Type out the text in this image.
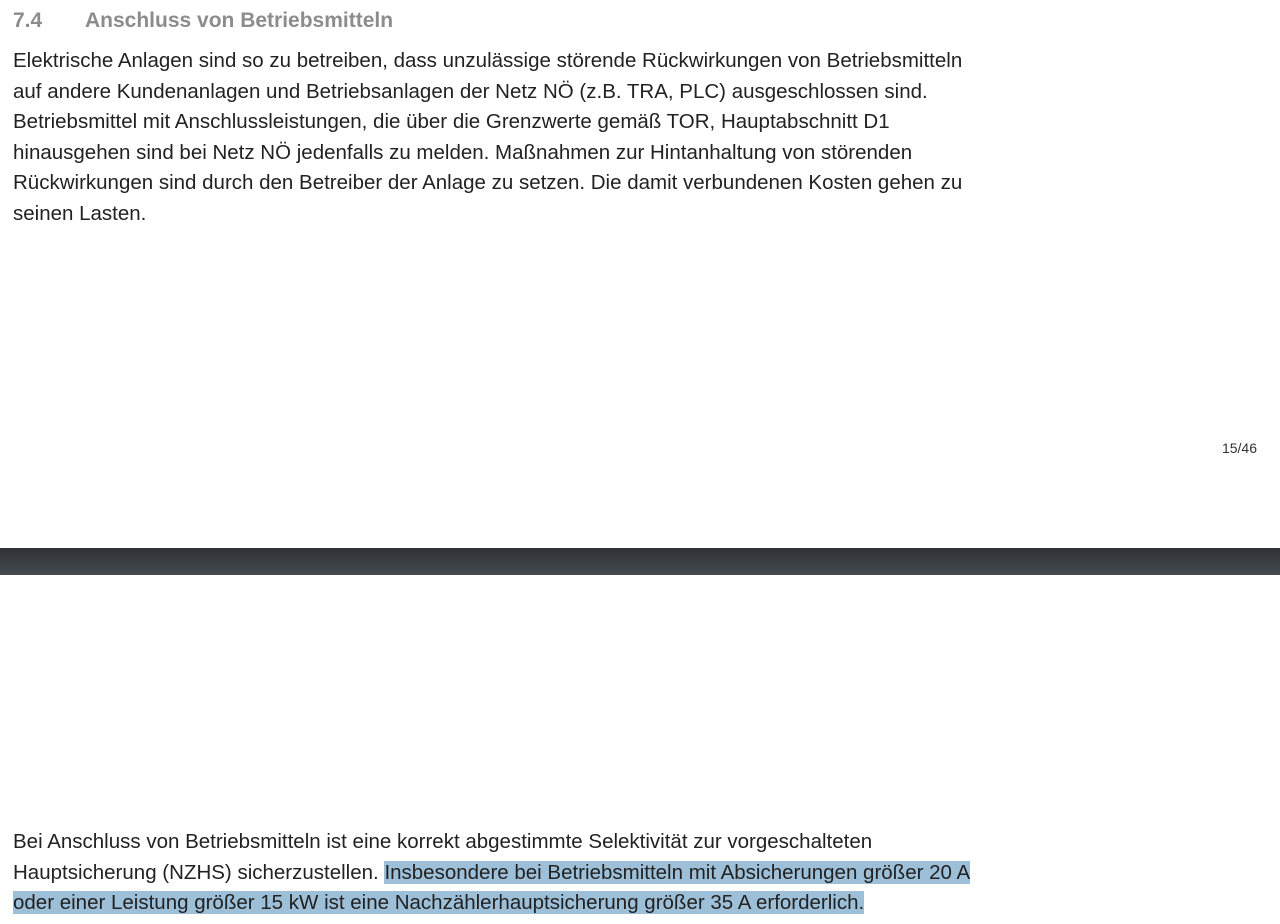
7.4 Anschluss von Betriebsmitteln
Elektrische Anlagen sind so zu betreiben, dass unzulässige störende Rückwirkungen von Betriebsmitteln
auf andere Kundenanlagen und Betriebsanlagen der Netz NÖ (z.B. TRA, PLC) ausgeschlossen sind.
Betriebsmittel mit Anschlussleistungen, die über die Grenzwerte gemäß TOR, Hauptabschnitt D1
hinausgehen sind bei Netz NÖ jedenfalls zu melden. Maßnahmen zur Hintanhaltung von störenden
Rückwirkungen sind durch den Betreiber der Anlage zu setzen. Die damit verbundenen Kosten gehen zu
seinen Lasten.
15/46
Bei Anschluss von Betriebsmitteln ist eine korrekt abgestimmte Selektivität zur vorgeschalteten
Hauptsicherung (NZHS) sicherzustellen. Insbesondere bei Betriebsmitteln mit Absicherungen größer 20 A
oder einer Leistung größer 15 kW ist eine Nachzählerhauptsicherung größer 35 A erforderlich.
